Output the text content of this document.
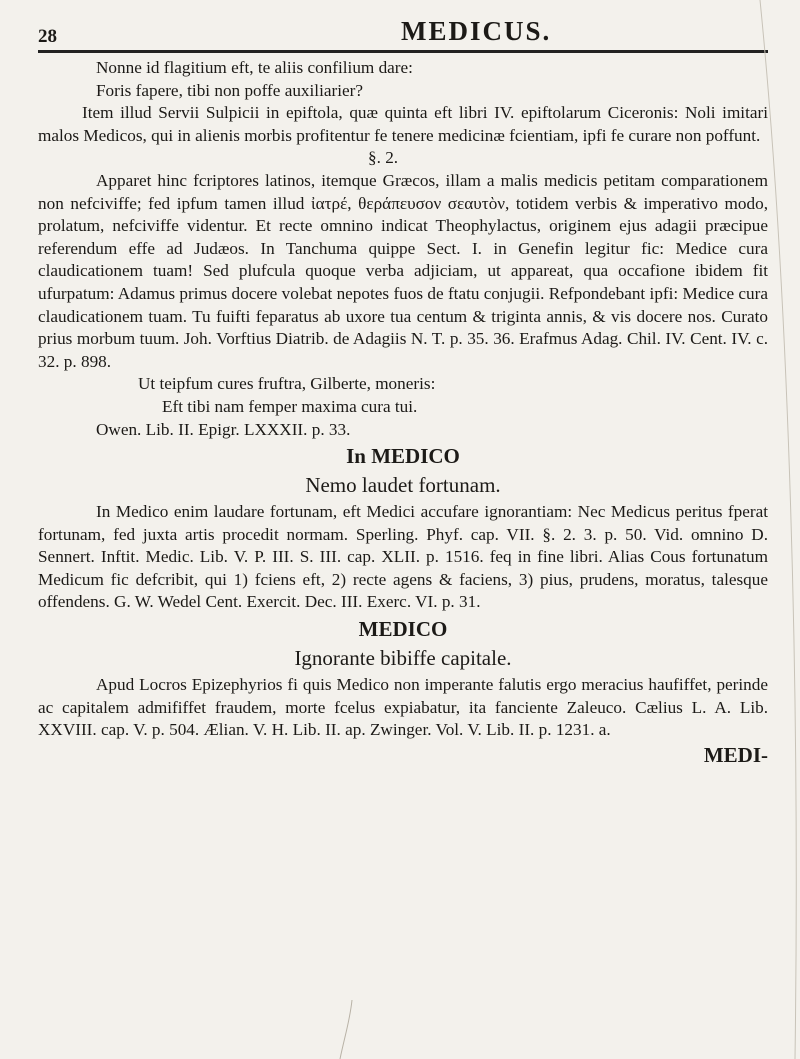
28	MEDICUS.

Nonne id flagitium eft, te aliis confilium dare:

Foris fapere, tibi non poffe auxiliarier?

Item illud Servii Sulpicii in epiftola, quæ quinta eft libri IV. epiftolarum Ciceronis: Noli imitari malos Medicos, qui in alienis morbis profitentur fe tenere medicinæ fcientiam, ipfi fe curare non poffunt.

§. 2.

Apparet hinc fcriptores latinos, itemque Græcos, illam a malis medicis petitam comparationem non nefciviffe; fed ipfum tamen illud ἰατρέ, θεράπευσον σεαυτὸν, totidem verbis & imperativo modo, prolatum, nefciviffe videntur. Et recte omnino indicat Theophylactus, originem ejus adagii præcipue referendum effe ad Judæos. In Tanchuma quippe Sect. I. in Genefin legitur fic: Medice cura claudicationem tuam! Sed plufcula quoque verba adjiciam, ut appareat, qua occafione ibidem fit ufurpatum: Adamus primus docere volebat nepotes fuos de ftatu conjugii. Refpondebant ipfi: Medice cura claudicationem tuam. Tu fuifti feparatus ab uxore tua centum & triginta annis, & vis docere nos. Curato prius morbum tuum. Joh. Vorftius Diatrib. de Adagiis N. T. p. 35. 36. Erafmus Adag. Chil. IV. Cent. IV. c. 32. p. 898.

Ut teipfum cures fruftra, Gilberte, moneris:

Eft tibi nam femper maxima cura tui.

Owen. Lib. II. Epigr. LXXXII. p. 33.

In MEDICO
Nemo laudet fortunam.

In Medico enim laudare fortunam, eft Medici accufare ignorantiam: Nec Medicus peritus fperat fortunam, fed juxta artis procedit normam. Sperling. Phyf. cap. VII. §. 2. 3. p. 50. Vid. omnino D. Sennert. Inftit. Medic. Lib. V. P. III. S. III. cap. XLII. p. 1516. feq in fine libri. Alias Cous fortunatum Medicum fic defcribit, qui 1) fciens eft, 2) recte agens & faciens, 3) pius, prudens, moratus, talesque offendens. G. W. Wedel Cent. Exercit. Dec. III. Exerc. VI. p. 31.

MEDICO
Ignorante bibiffe capitale.

Apud Locros Epizephyrios fi quis Medico non imperante falutis ergo meracius haufiffet, perinde ac capitalem admififfet fraudem, morte fcelus expiabatur, ita fanciente Zaleuco. Cælius L. A. Lib. XXVIII. cap. V. p. 504. Ælian. V. H. Lib. II. ap. Zwinger. Vol. V. Lib. II. p. 1231. a.

MEDI-
